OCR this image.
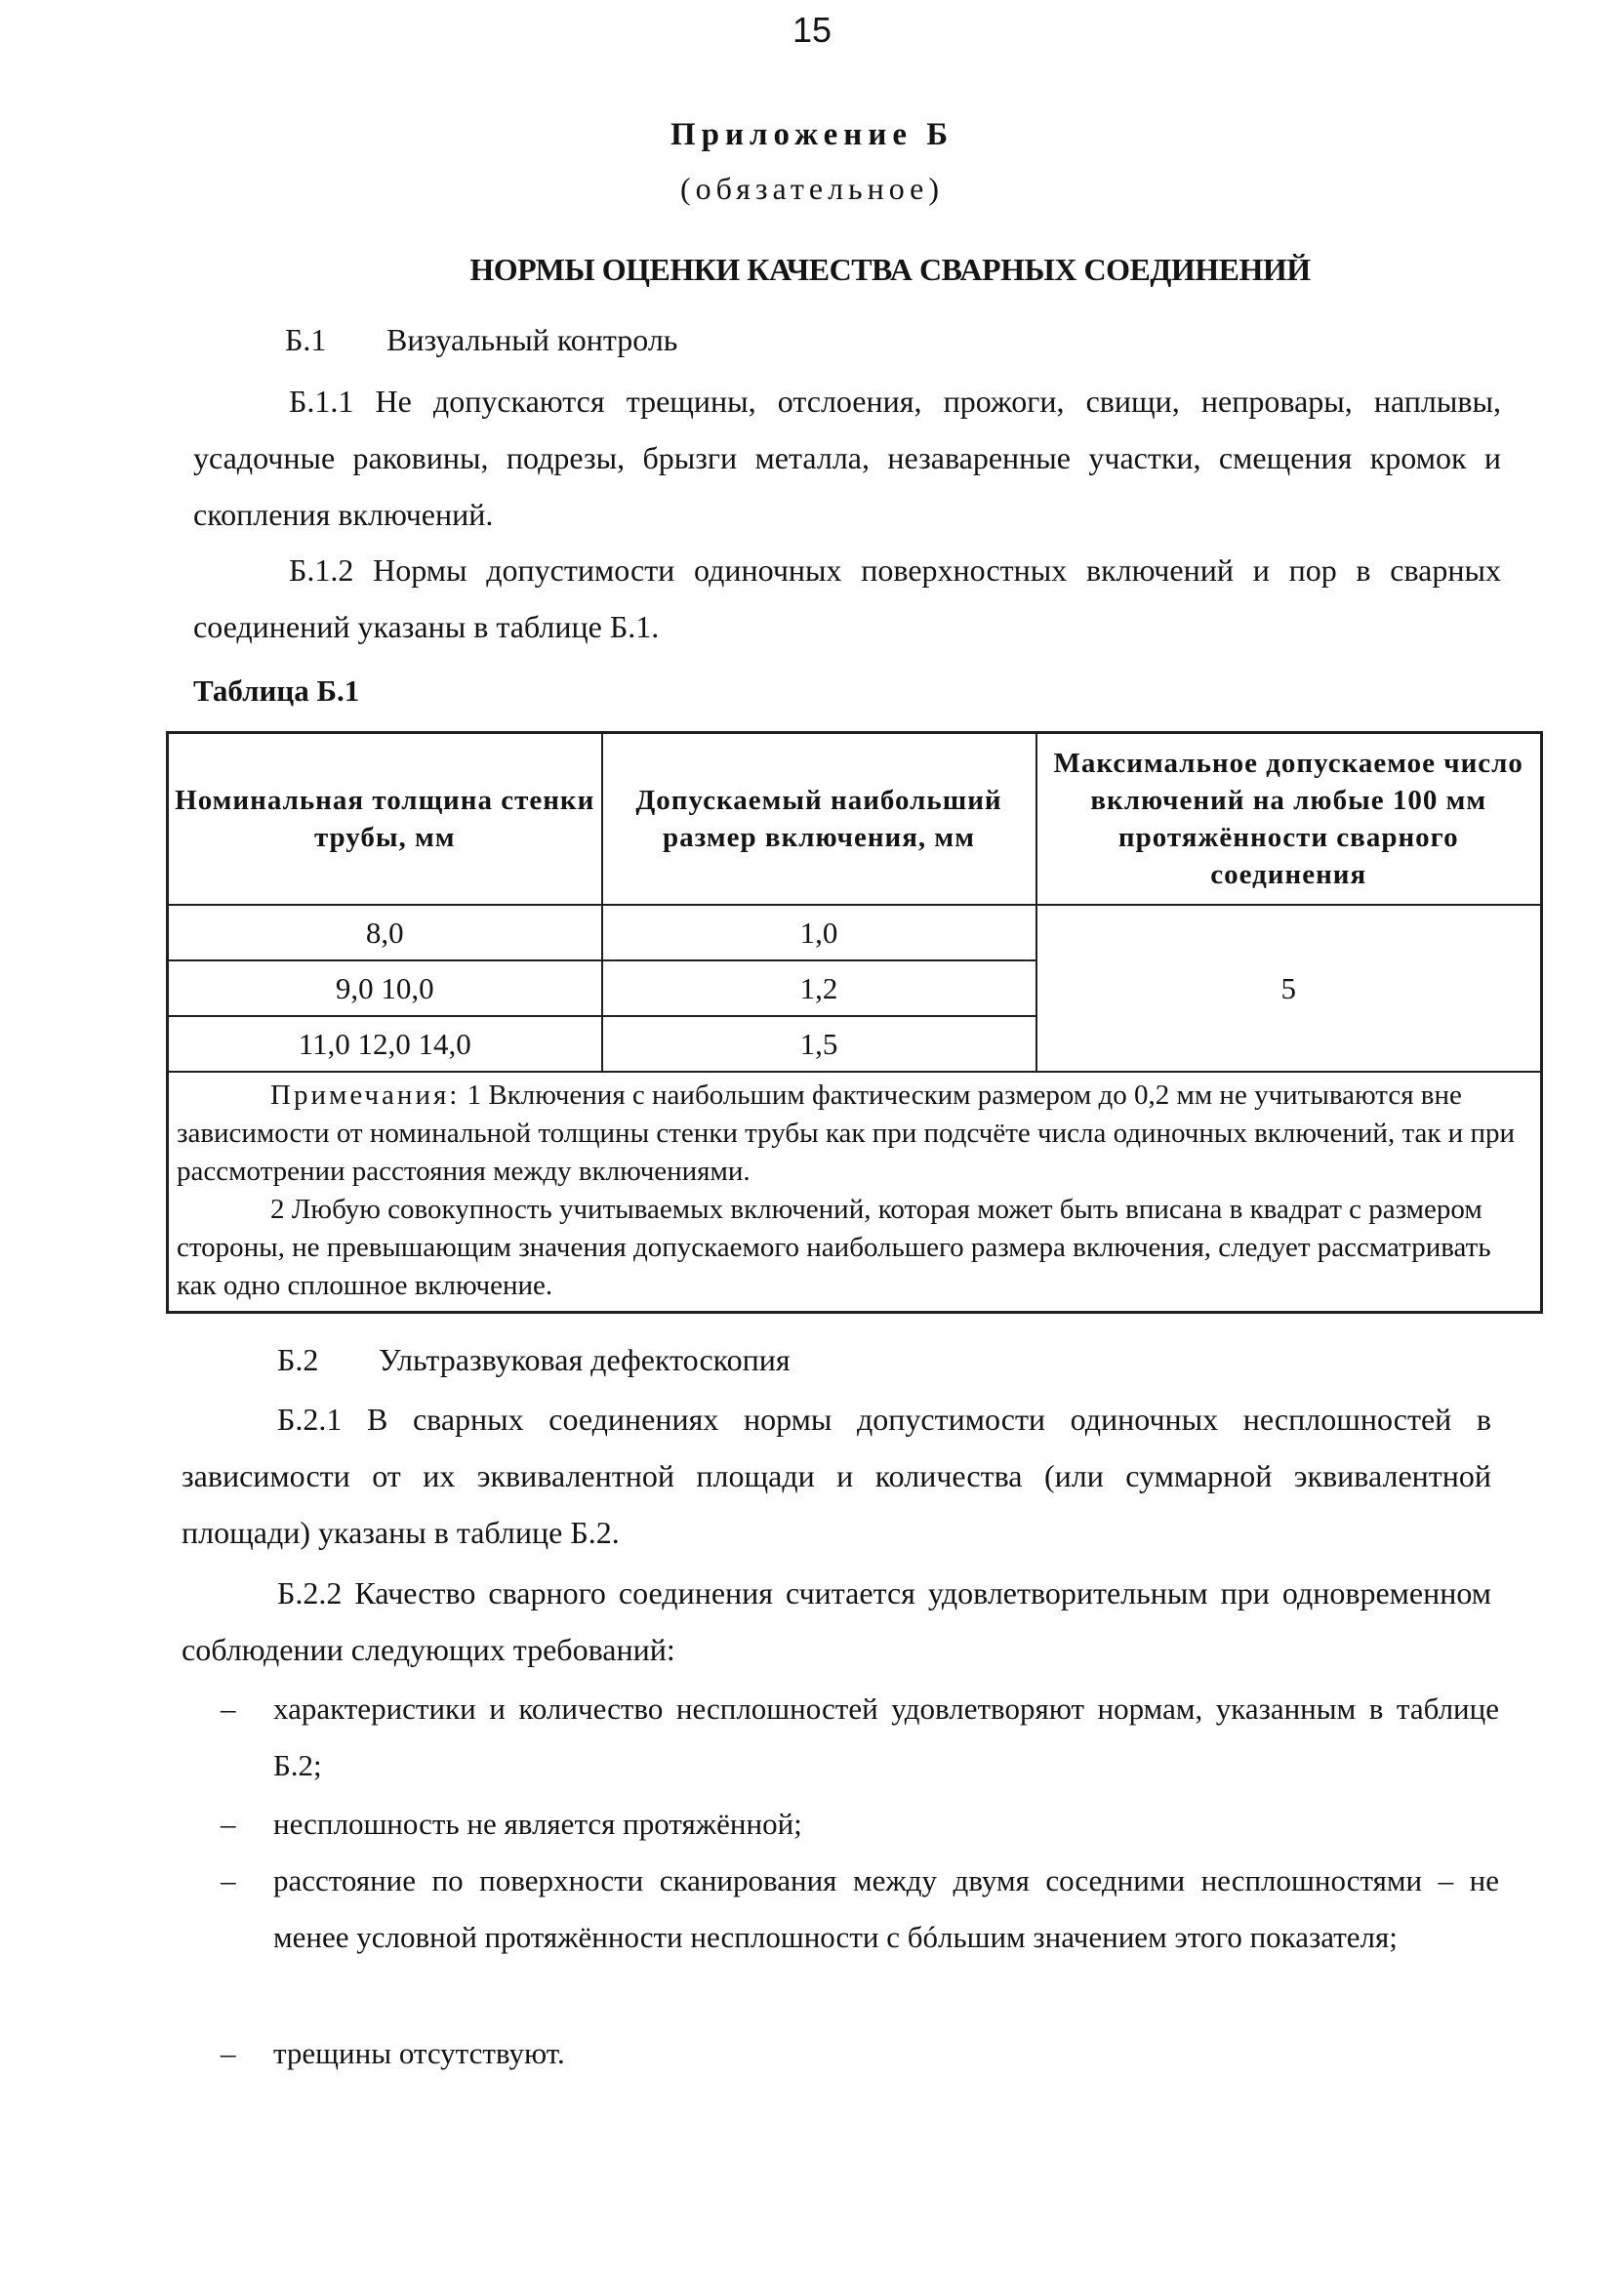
15
Приложение Б
(обязательное)
НОРМЫ ОЦЕНКИ КАЧЕСТВА СВАРНЫХ СОЕДИНЕНИЙ
Б.1 Визуальный контроль

Б.1.1 Не допускаются трещины, отслоения, прожоги, свищи, непровары, наплывы, усадочные раковины, подрезы, брызги металла, незаваренные участки, смещения кромок и скопления включений.

Б.1.2 Нормы допустимости одиночных поверхностных включений и пор в сварных соединений указаны в таблице Б.1.

Таблица Б.1
Номинальная толщина стенки трубы, мм	Допускаемый наибольший размер включения, мм	Максимальное допускаемое число включений на любые 100 мм протяжённости сварного соединения
8,0	1,0	5
9,0 10,0	1,2	
11,0 12,0 14,0	1,5	

Примечания: 1 Включения с наибольшим фактическим размером до 0,2 мм не учитываются вне зависимости от номинальной толщины стенки трубы как при подсчёте числа одиночных включений, так и при рассмотрении расстояния между включениями.
2 Любую совокупность учитываемых включений, которая может быть вписана в квадрат с размером стороны, не превышающим значения допускаемого наибольшего размера включения, следует рассматривать как одно сплошное включение.		
Б.2 Ультразвуковая дефектоскопия

Б.2.1 В сварных соединениях нормы допустимости одиночных несплошностей в зависимости от их эквивалентной площади и количества (или суммарной эквивалентной площади) указаны в таблице Б.2.

Б.2.2 Качество сварного соединения считается удовлетворительным при одновременном соблюдении следующих требований:

– характеристики и количество несплошностей удовлетворяют нормам, указанным в таблице Б.2;
– несплошность не является протяжённой;
– расстояние по поверхности сканирования между двумя соседними несплошностями – не менее условной протяжённости несплошности с бóльшим значением этого показателя;
– трещины отсутствуют.
